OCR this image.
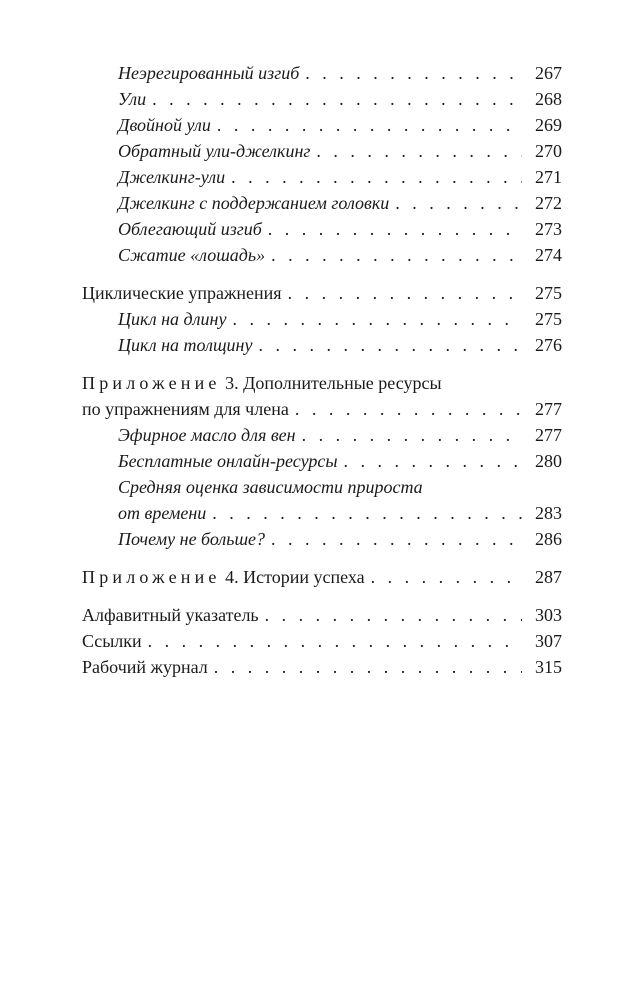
Неэрегированный изгиб . . .	267
Ули . . .	268
Двойной ули . . .	269
Обратный ули-джелкинг . . .	270
Джелкинг-ули . . .	271
Джелкинг с поддержанием головки . . .	272
Облегающий изгиб . . .	273
Сжатие «лошадь» . . .	274
Циклические упражнения . . .	275
Цикл на длину . . .	275
Цикл на толщину . . .	276
Приложение 3. Дополнительные ресурсы
по упражнениям для члена . . .	277
Эфирное масло для вен . . .	277
Бесплатные онлайн-ресурсы . . .	280
Средняя оценка зависимости прироста
от времени . . .	283
Почему не больше? . . .	286
Приложение 4. Истории успеха . . .	287
Алфавитный указатель . . .	303
Ссылки . . .	307
Рабочий журнал . . .	315
